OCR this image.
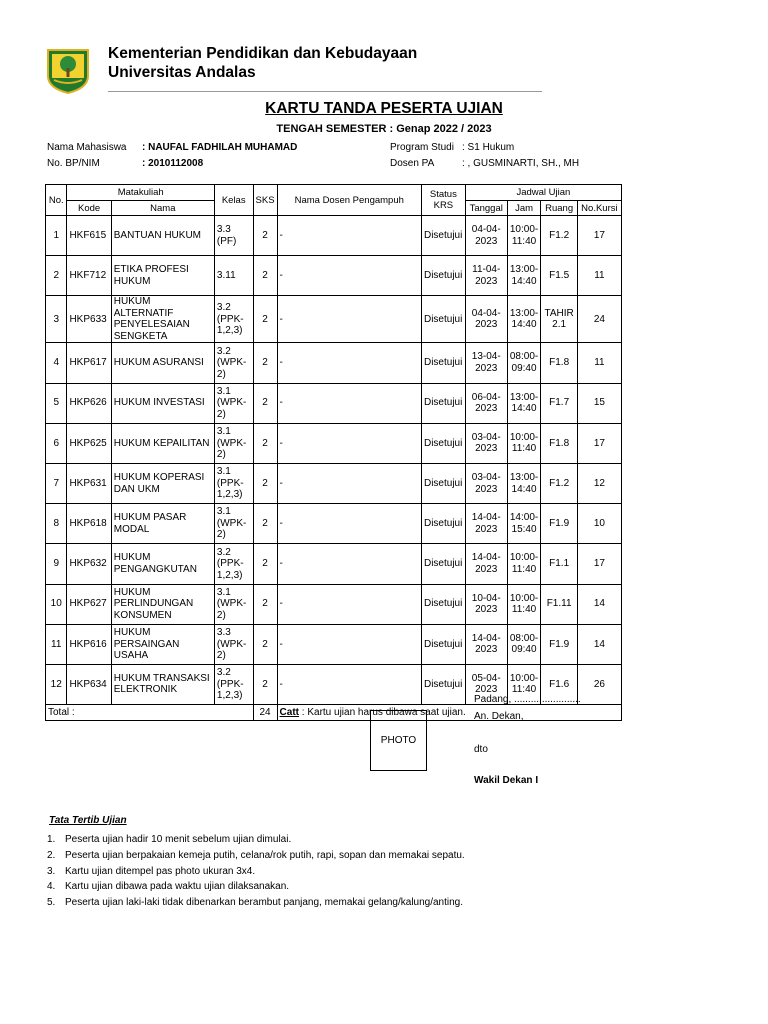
Kementerian Pendidikan dan Kebudayaan
Universitas Andalas
KARTU TANDA PESERTA UJIAN
TENGAH SEMESTER : Genap 2022 / 2023
Nama Mahasiswa : NAUFAL FADHILAH MUHAMAD
No. BP/NIM	: 2010112008
Program Studi : S1 Hukum
Dosen PA	: , GUSMINARTI, SH., MH
No.	Matakuliah		Kelas	SKS	Nama Dosen Pengampuh	Status KRS	Jadwal Ujian			
	Kode	Nama					Tanggal	Jam	Ruang	No.Kursi
1	HKF615	BANTUAN HUKUM	3.3 (PF)	2	-	Disetujui	04-04-2023	10:00-11:40	F1.2	17
2	HKF712	ETIKA PROFESI HUKUM	3.11	2	-	Disetujui	11-04-2023	13:00-14:40	F1.5	11
3	HKP633	HUKUM ALTERNATIF PENYELESAIAN SENGKETA	3.2 (PPK-1,2,3)	2	-	Disetujui	04-04-2023	13:00-14:40	TAHIR 2.1	24
4	HKP617	HUKUM ASURANSI	3.2 (WPK-2)	2	-	Disetujui	13-04-2023	08:00-09:40	F1.8	11
5	HKP626	HUKUM INVESTASI	3.1 (WPK-2)	2	-	Disetujui	06-04-2023	13:00-14:40	F1.7	15
6	HKP625	HUKUM KEPAILITAN	3.1 (WPK-2)	2	-	Disetujui	03-04-2023	10:00-11:40	F1.8	17
7	HKP631	HUKUM KOPERASI DAN UKM	3.1 (PPK-1,2,3)	2	-	Disetujui	03-04-2023	13:00-14:40	F1.2	12
8	HKP618	HUKUM PASAR MODAL	3.1 (WPK-2)	2	-	Disetujui	14-04-2023	14:00-15:40	F1.9	10
9	HKP632	HUKUM PENGANGKUTAN	3.2 (PPK-1,2,3)	2	-	Disetujui	14-04-2023	10:00-11:40	F1.1	17
10	HKP627	HUKUM PERLINDUNGAN KONSUMEN	3.1 (WPK-2)	2	-	Disetujui	10-04-2023	10:00-11:40	F1.11	14
11	HKP616	HUKUM PERSAINGAN USAHA	3.3 (WPK-2)	2	-	Disetujui	14-04-2023	08:00-09:40	F1.9	14
12	HKP634	HUKUM TRANSAKSI ELEKTRONIK	3.2 (PPK-1,2,3)	2	-	Disetujui	05-04-2023	10:00-11:40	F1.6	26
Total :				24	Catt : Kartu ujian harus dibawa saat ujian.					
Padang, ........................
An. Dekan,
dto
Wakil Dekan I
PHOTO
Tata Tertib Ujian
1. Peserta ujian hadir 10 menit sebelum ujian dimulai.
2. Peserta ujian berpakaian kemeja putih, celana/rok putih, rapi, sopan dan memakai sepatu.
3. Kartu ujian ditempel pas photo ukuran 3x4.
4. Kartu ujian dibawa pada waktu ujian dilaksanakan.
5. Peserta ujian laki-laki tidak dibenarkan berambut panjang, memakai gelang/kalung/anting.
